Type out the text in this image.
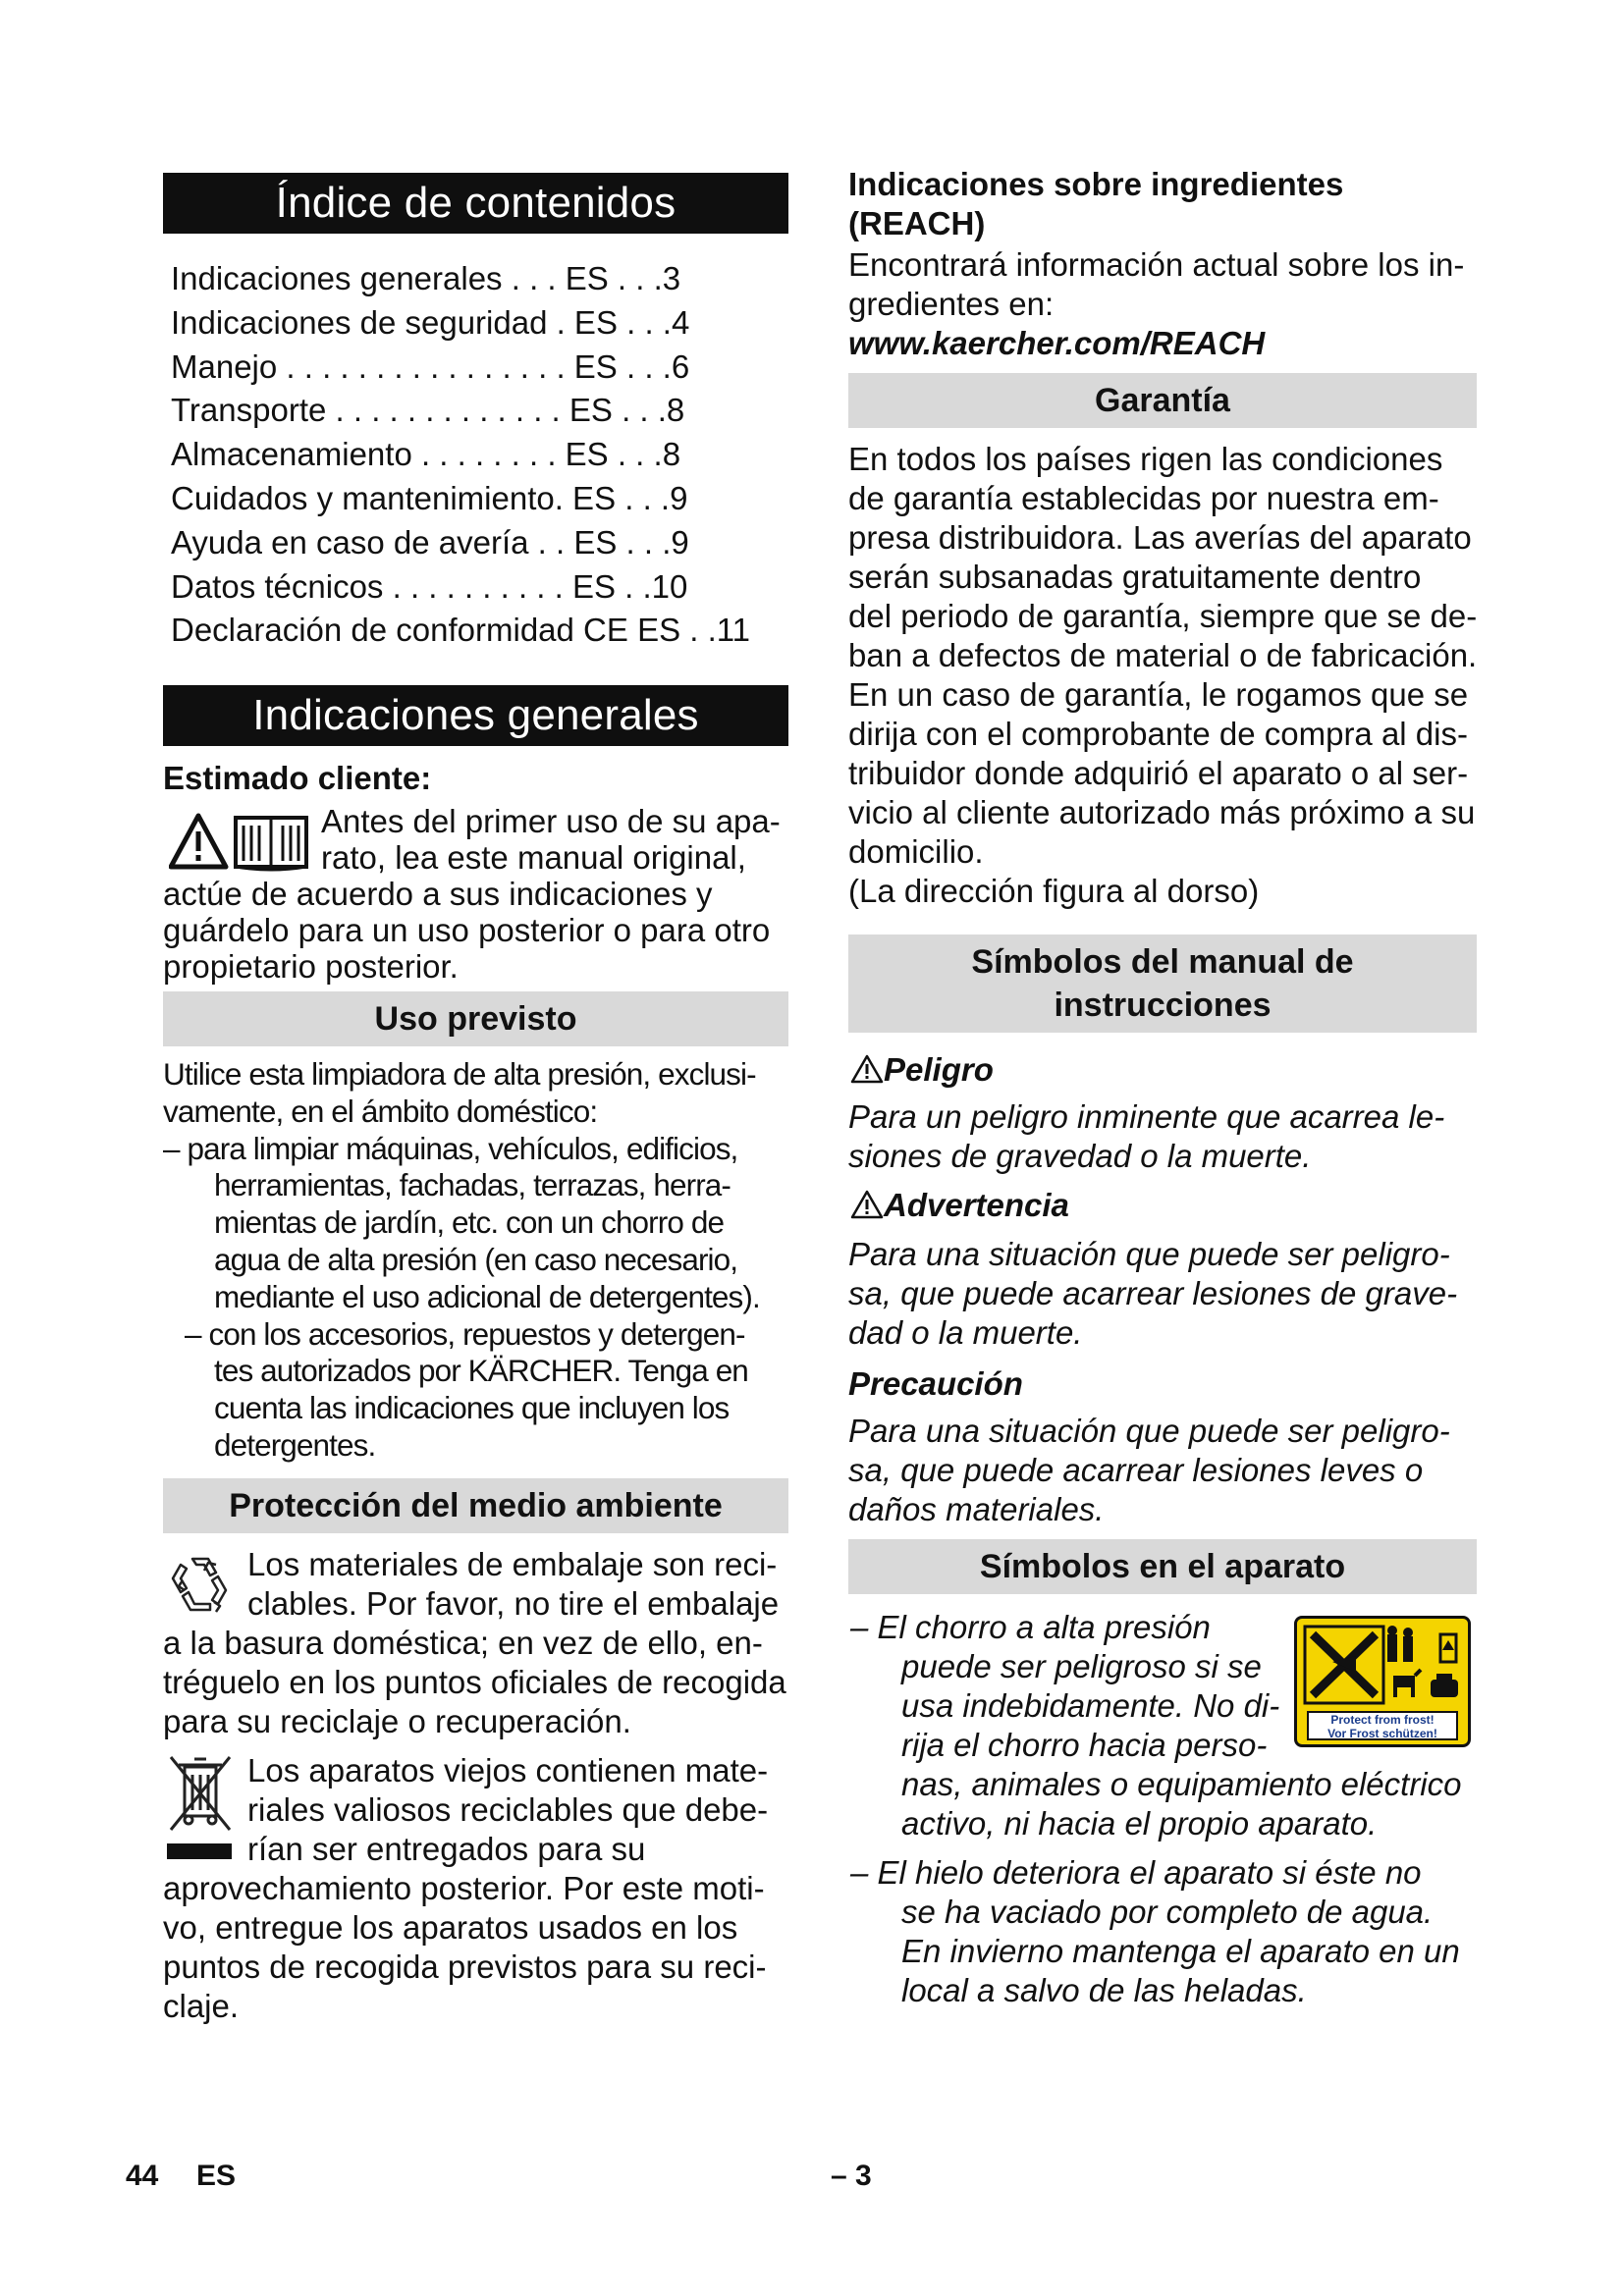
Índice de contenidos
Indicaciones generales . . . ES . . .3
Indicaciones de seguridad . ES . . .4
Manejo . . . . . . . . . . . . . . . . ES . . .6
Transporte . . . . . . . . . . . . . ES . . .8
Almacenamiento . . . . . . . . ES . . .8
Cuidados y mantenimiento. ES . . .9
Ayuda en caso de avería . . ES . . .9
Datos técnicos . . . . . . . . . . ES . .10
Declaración de conformidad CE ES . .11
Indicaciones generales
Estimado cliente:
Antes del primer uso de su apa-
rato, lea este manual original,
actúe de acuerdo a sus indicaciones y
guárdelo para un uso posterior o para otro
propietario posterior.
Uso previsto
Utilice esta limpiadora de alta presión, exclusi-
vamente, en el ámbito doméstico:
– para limpiar máquinas, vehículos, edificios,
herramientas, fachadas, terrazas, herra-
mientas de jardín, etc. con un chorro de
agua de alta presión (en caso necesario,
mediante el uso adicional de detergentes).
– con los accesorios, repuestos y detergen-
tes autorizados por KÄRCHER. Tenga en
cuenta las indicaciones que incluyen los
detergentes.
Protección del medio ambiente
Los materiales de embalaje son reci-
clables. Por favor, no tire el embalaje
a la basura doméstica; en vez de ello, en-
tréguelo en los puntos oficiales de recogida
para su reciclaje o recuperación.
Los aparatos viejos contienen mate-
riales valiosos reciclables que debe-
rían ser entregados para su
aprovechamiento posterior. Por este moti-
vo, entregue los aparatos usados en los
puntos de recogida previstos para su reci-
claje.
Indicaciones sobre ingredientes
(REACH)
Encontrará información actual sobre los in-
gredientes en:
www.kaercher.com/REACH
Garantía
En todos los países rigen las condiciones
de garantía establecidas por nuestra em-
presa distribuidora. Las averías del aparato
serán subsanadas gratuitamente dentro
del periodo de garantía, siempre que se de-
ban a defectos de material o de fabricación.
En un caso de garantía, le rogamos que se
dirija con el comprobante de compra al dis-
tribuidor donde adquirió el aparato o al ser-
vicio al cliente autorizado más próximo a su
domicilio.
(La dirección figura al dorso)
Símbolos del manual de
instrucciones
Peligro
Para un peligro inminente que acarrea le-
siones de gravedad o la muerte.
Advertencia
Para una situación que puede ser peligro-
sa, que puede acarrear lesiones de grave-
dad o la muerte.
Precaución
Para una situación que puede ser peligro-
sa, que puede acarrear lesiones leves o
daños materiales.
Símbolos en el aparato
Protect from frost!
Vor Frost schützen!
– El chorro a alta presión
puede ser peligroso si se
usa indebidamente. No di-
rija el chorro hacia perso-
nas, animales o equipamiento eléctrico
activo, ni hacia el propio aparato.
– El hielo deteriora el aparato si éste no
se ha vaciado por completo de agua.
En invierno mantenga el aparato en un
local a salvo de las heladas.
44 ES	– 3
